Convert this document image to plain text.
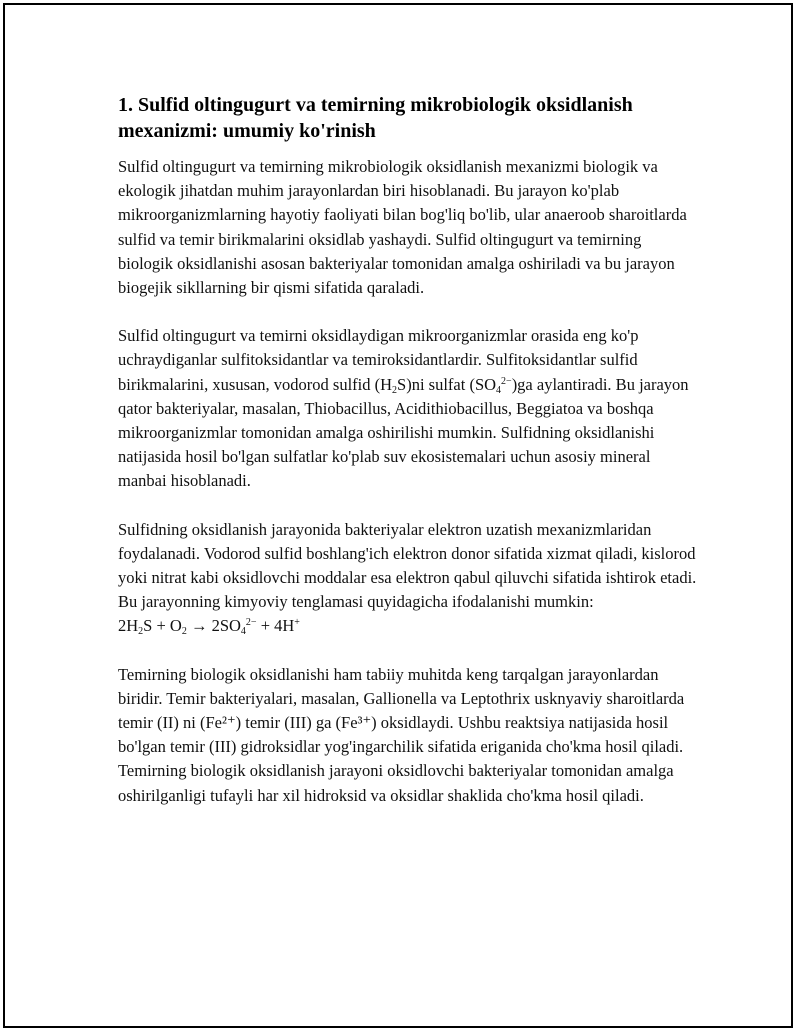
1. Sulfid oltingugurt va temirning mikrobiologik oksidlanish mexanizmi: umumiy ko'rinish

Sulfid oltingugurt va temirning mikrobiologik oksidlanish mexanizmi biologik va ekologik jihatdan muhim jarayonlardan biri hisoblanadi. Bu jarayon ko'plab mikroorganizmlarning hayotiy faoliyati bilan bog'liq bo'lib, ular anaeroob sharoitlarda sulfid va temir birikmalarini oksidlab yashaydi. Sulfid oltingugurt va temirning biologik oksidlanishi asosan bakteriyalar tomonidan amalga oshiriladi va bu jarayon biogejik sikllarning bir qismi sifatida qaraladi.

Sulfid oltingugurt va temirni oksidlaydigan mikroorganizmlar orasida eng ko'p uchraydiganlar sulfitoksidantlar va temiroksidantlardir. Sulfitoksidantlar sulfid birikmalarini, xususan, vodorod sulfid $(H_2S)ni$ sulfat $(SO_4^{2-})ga$ aylantiradi. Bu jarayon qator bakteriyalar, masalan, Thiobacillus, Acidithiobacillus, Beggiatoa va boshqa mikroorganizmlar tomonidan amalga oshirilishi mumkin. Sulfidning oksidlanishi natijasida hosil bo'lgan sulfatlar ko'plab suv ekosistemalari uchun asosiy mineral manbai hisoblanadi.

Sulfidning oksidlanish jarayonida bakteriyalar elektron uzatish mexanizmlaridan foydalanadi. Vodorod sulfid boshlang'ich elektron donor sifatida xizmat qiladi, kislorod yoki nitrat kabi oksidlovchi moddalar esa elektron qabul qiluvchi sifatida ishtirok etadi. Bu jarayonning kimyoviy tenglamasi quyidagicha ifodalanishi mumkin:
$2H_2S + O_2 \to 2SO_4^{2-} + 4H^+$

Temirning biologik oksidlanishi ham tabiiy muhitda keng tarqalgan jarayonlardan biridir. Temir bakteriyalari, masalan, Gallionella va Leptothrix usknyaviy sharoitlarda temir (II) ni (Fe²⁺) temir (III) ga (Fe³⁺) oksidlaydi. Ushbu reaktsiya natijasida hosil bo'lgan temir (III) gidroksidlar yog'ingarchilik sifatida eriganida cho'kma hosil qiladi. Temirning biologik oksidlanish jarayoni oksidlovchi bakteriyalar tomonidan amalga oshirilganligi tufayli har xil hidroksid va oksidlar shaklida cho'kma hosil qiladi.
